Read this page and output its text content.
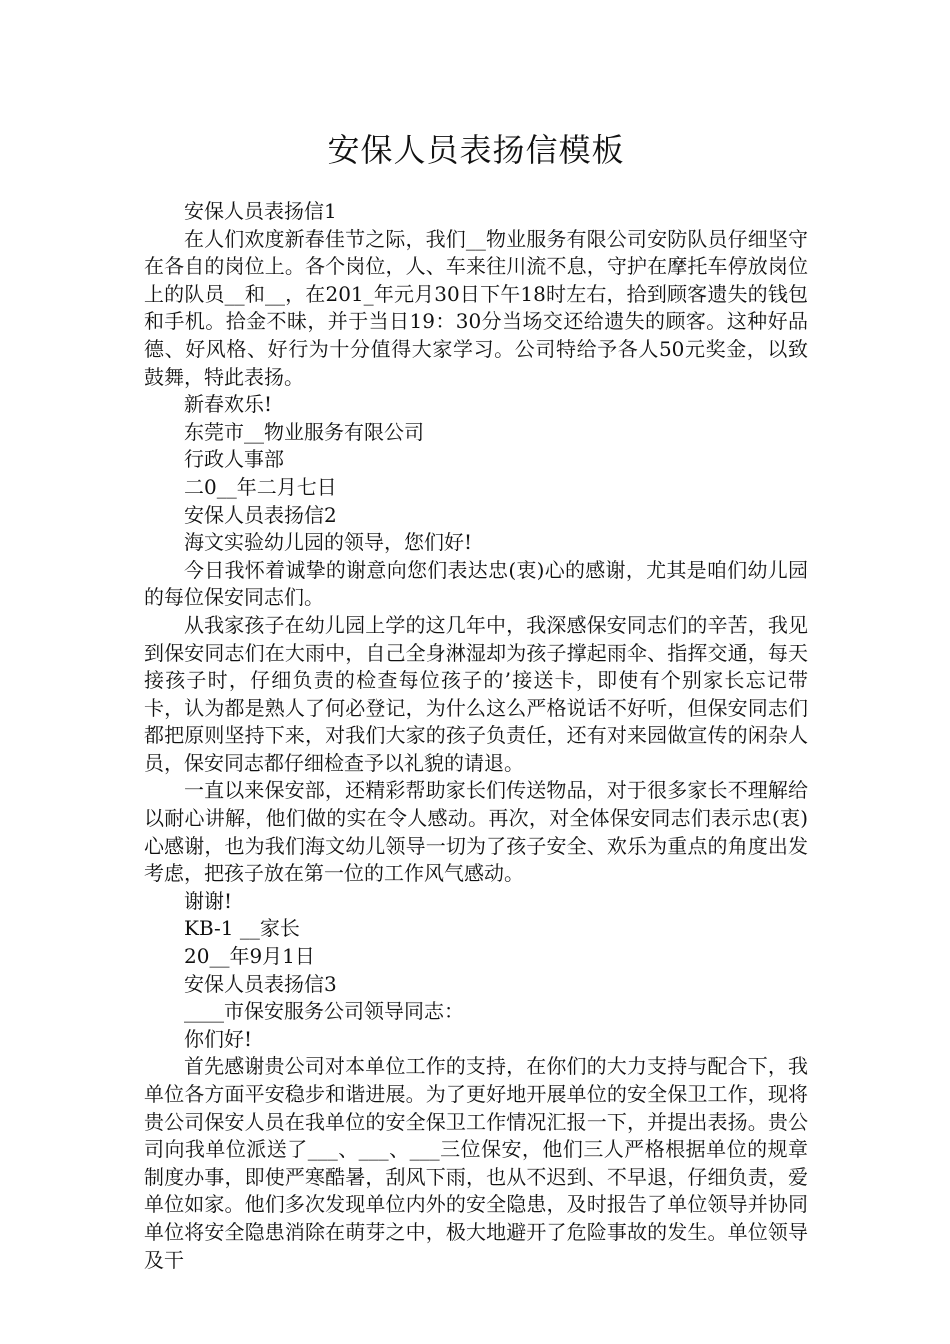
安保人员表扬信模板

安保人员表扬信1

在人们欢度新春佳节之际，我们__物业服务有限公司安防队员仔细坚守在各自的岗位上。各个岗位，人、车来往川流不息，守护在摩托车停放岗位上的队员__和__，在201_年元月30日下午18时左右，拾到顾客遗失的钱包和手机。拾金不昧，并于当日19：30分当场交还给遗失的顾客。这种好品德、好风格、好行为十分值得大家学习。公司特给予各人50元奖金，以致鼓舞，特此表扬。

新春欢乐!

东莞市__物业服务有限公司

行政人事部

二0__年二月七日

安保人员表扬信2

海文实验幼儿园的领导，您们好!

今日我怀着诚挚的谢意向您们表达忠(衷)心的感谢，尤其是咱们幼儿园的每位保安同志们。

从我家孩子在幼儿园上学的这几年中，我深感保安同志们的辛苦，我见到保安同志们在大雨中，自己全身淋湿却为孩子撑起雨伞、指挥交通，每天接孩子时，仔细负责的检查每位孩子的’接送卡，即使有个别家长忘记带卡，认为都是熟人了何必登记，为什么这么严格说话不好听，但保安同志们都把原则坚持下来，对我们大家的孩子负责任，还有对来园做宣传的闲杂人员，保安同志都仔细检查予以礼貌的请退。

一直以来保安部，还精彩帮助家长们传送物品，对于很多家长不理解给以耐心讲解，他们做的实在令人感动。再次，对全体保安同志们表示忠(衷)心感谢，也为我们海文幼儿领导一切为了孩子安全、欢乐为重点的角度出发考虑，把孩子放在第一位的工作风气感动。

谢谢!

KB-1 __家长

20__年9月1日

安保人员表扬信3

____市保安服务公司领导同志：

你们好!

首先感谢贵公司对本单位工作的支持，在你们的大力支持与配合下，我单位各方面平安稳步和谐进展。为了更好地开展单位的安全保卫工作，现将贵公司保安人员在我单位的安全保卫工作情况汇报一下，并提出表扬。贵公司向我单位派送了___、___、___三位保安，他们三人严格根据单位的规章制度办事，即使严寒酷暑，刮风下雨，也从不迟到、不早退，仔细负责，爱单位如家。他们多次发现单位内外的安全隐患，及时报告了单位领导并协同单位将安全隐患消除在萌芽之中，极大地避开了危险事故的发生。单位领导及干
